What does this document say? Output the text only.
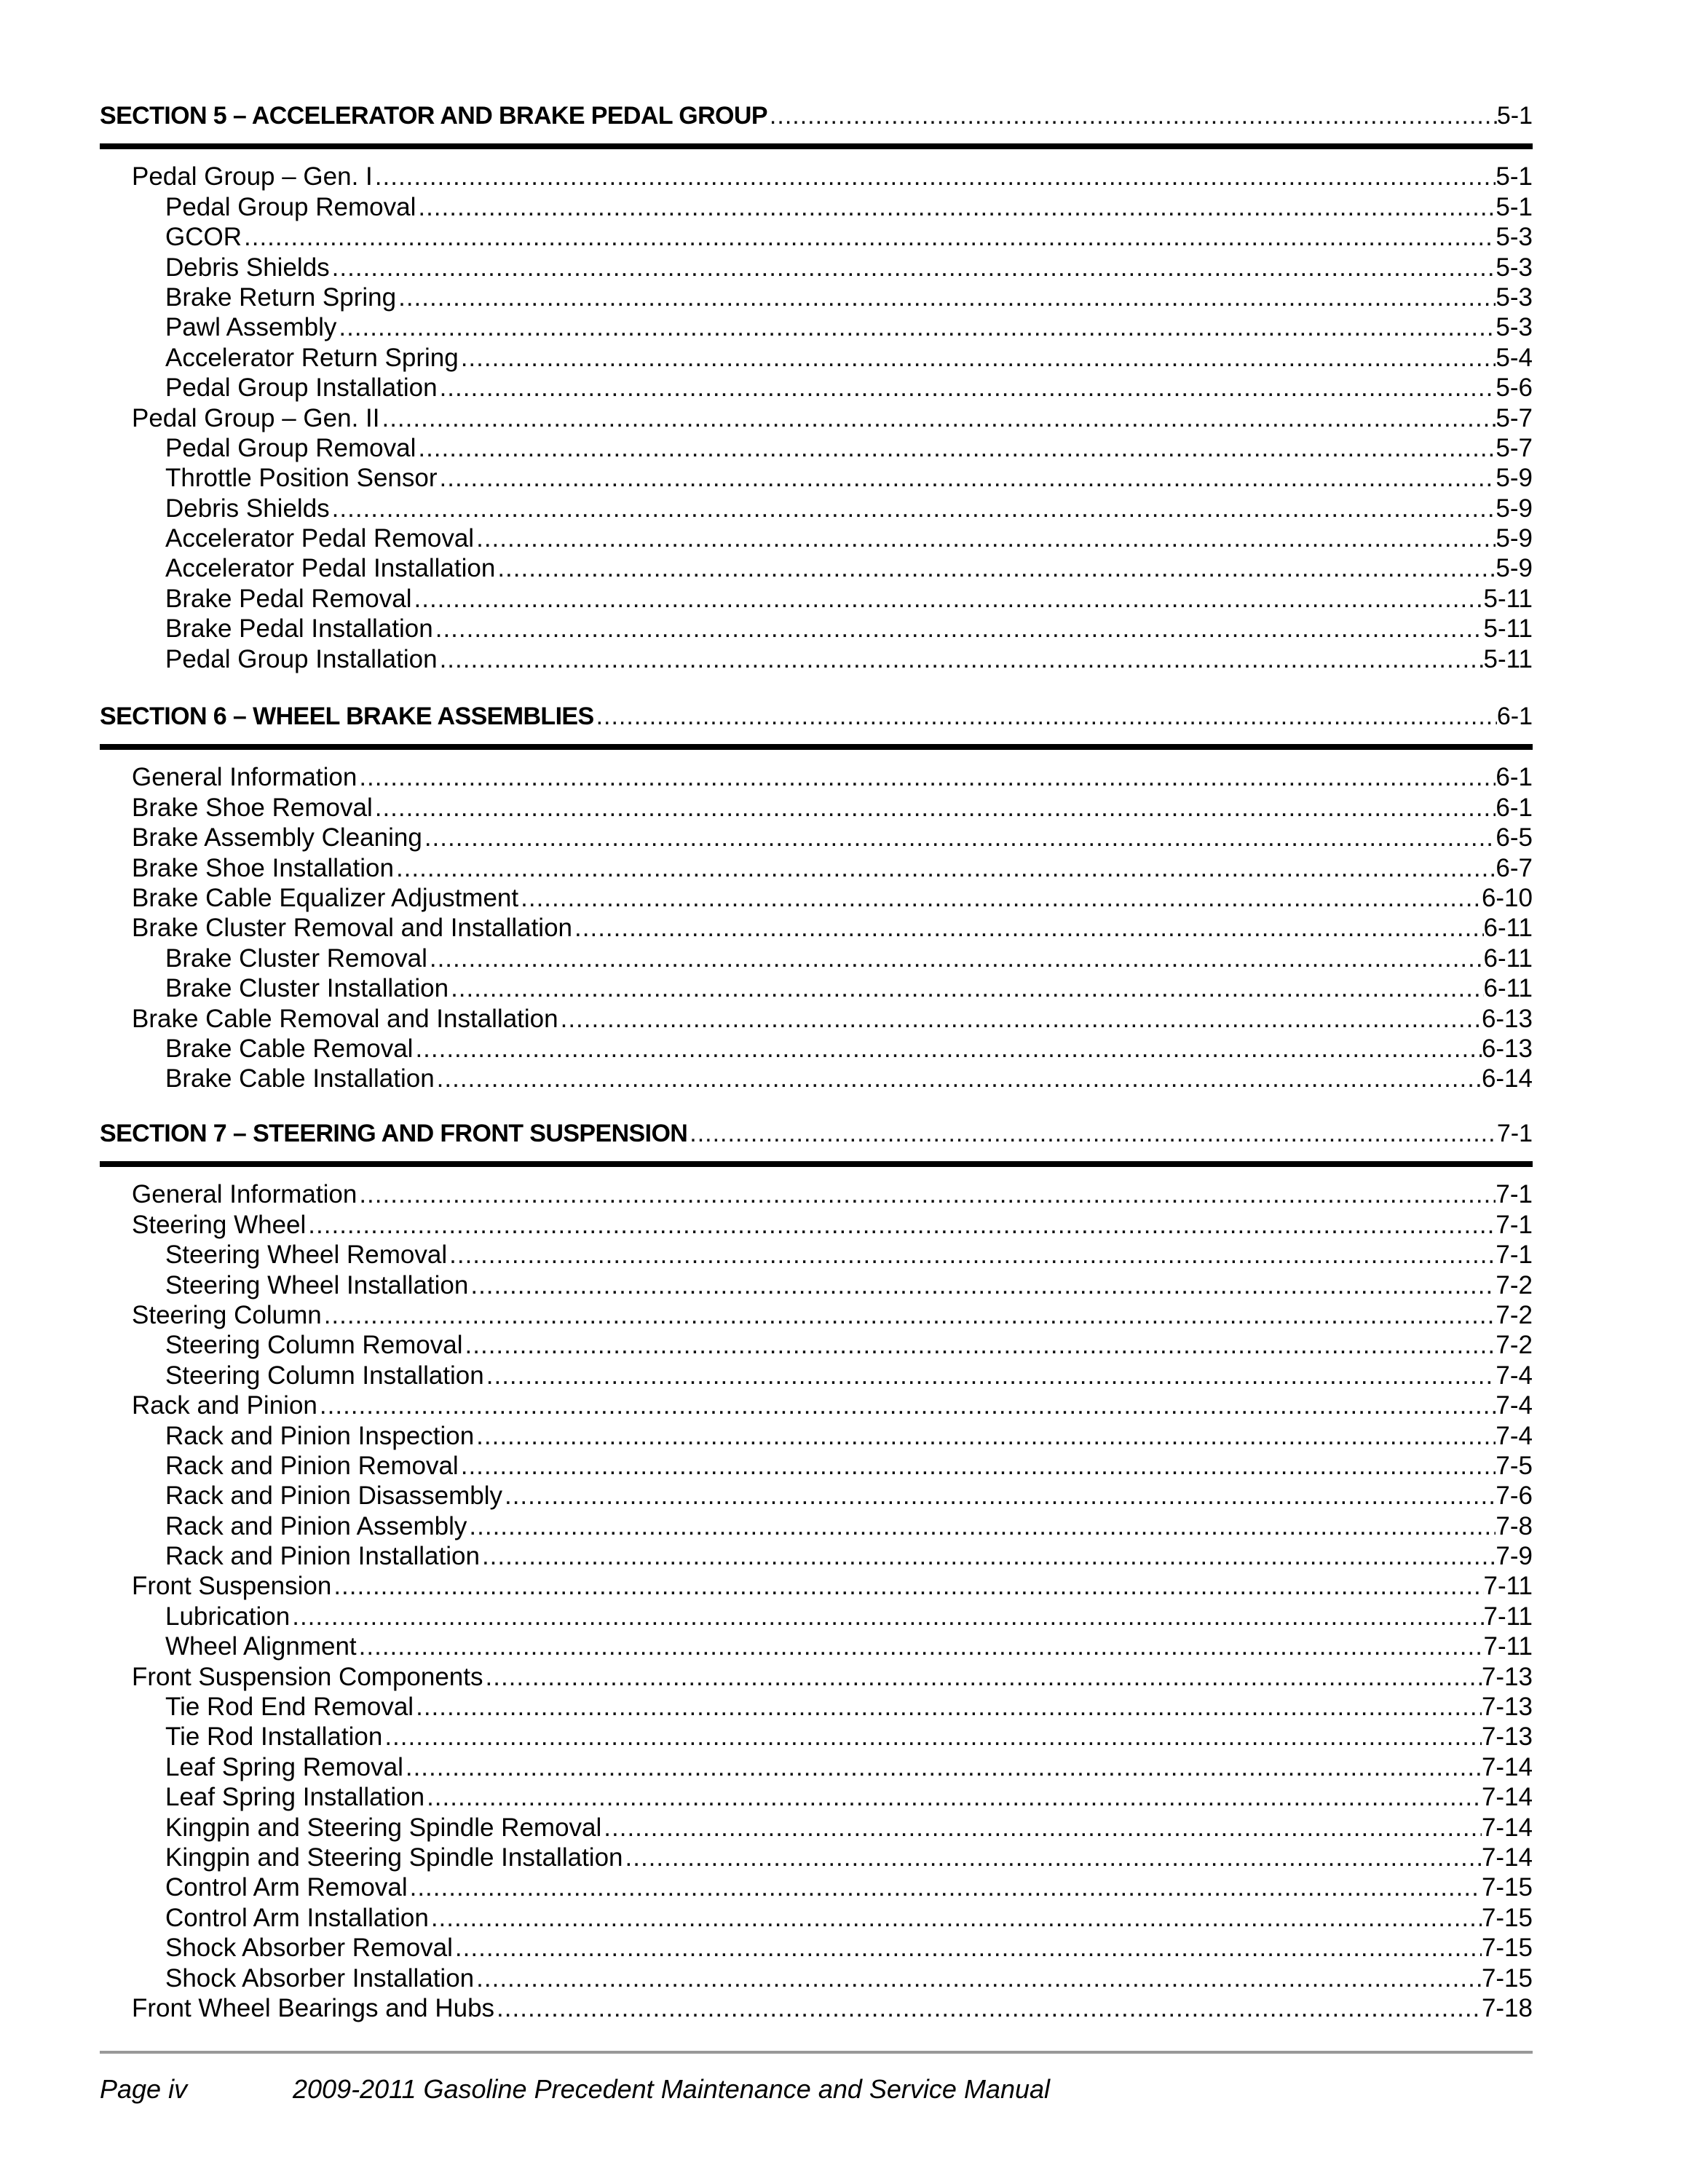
SECTION 5 – ACCELERATOR AND BRAKE PEDAL GROUP .....	5-1
Pedal Group – Gen. I .....	5-1
Pedal Group Removal .....	5-1
GCOR .....	5-3
Debris Shields .....	5-3
Brake Return Spring .....	5-3
Pawl Assembly .....	5-3
Accelerator Return Spring .....	5-4
Pedal Group Installation .....	5-6
Pedal Group – Gen. II .....	5-7
Pedal Group Removal .....	5-7
Throttle Position Sensor .....	5-9
Debris Shields .....	5-9
Accelerator Pedal Removal .....	5-9
Accelerator Pedal Installation .....	5-9
Brake Pedal Removal .....	5-11
Brake Pedal Installation .....	5-11
Pedal Group Installation .....	5-11
SECTION 6 – WHEEL BRAKE ASSEMBLIES .....	6-1
General Information .....	6-1
Brake Shoe Removal .....	6-1
Brake Assembly Cleaning .....	6-5
Brake Shoe Installation .....	6-7
Brake Cable Equalizer Adjustment .....	6-10
Brake Cluster Removal and Installation .....	6-11
Brake Cluster Removal .....	6-11
Brake Cluster Installation .....	6-11
Brake Cable Removal and Installation .....	6-13
Brake Cable Removal .....	6-13
Brake Cable Installation .....	6-14
SECTION 7 – STEERING AND FRONT SUSPENSION .....	7-1
General Information .....	7-1
Steering Wheel .....	7-1
Steering Wheel Removal .....	7-1
Steering Wheel Installation .....	7-2
Steering Column .....	7-2
Steering Column Removal .....	7-2
Steering Column Installation .....	7-4
Rack and Pinion .....	7-4
Rack and Pinion Inspection .....	7-4
Rack and Pinion Removal .....	7-5
Rack and Pinion Disassembly .....	7-6
Rack and Pinion Assembly .....	7-8
Rack and Pinion Installation .....	7-9
Front Suspension .....	7-11
Lubrication .....	7-11
Wheel Alignment .....	7-11
Front Suspension Components .....	7-13
Tie Rod End Removal .....	7-13
Tie Rod Installation .....	7-13
Leaf Spring Removal .....	7-14
Leaf Spring Installation .....	7-14
Kingpin and Steering Spindle Removal .....	7-14
Kingpin and Steering Spindle Installation .....	7-14
Control Arm Removal .....	7-15
Control Arm Installation .....	7-15
Shock Absorber Removal .....	7-15
Shock Absorber Installation .....	7-15
Front Wheel Bearings and Hubs .....	7-18
Page iv	2009-2011 Gasoline Precedent Maintenance and Service Manual
